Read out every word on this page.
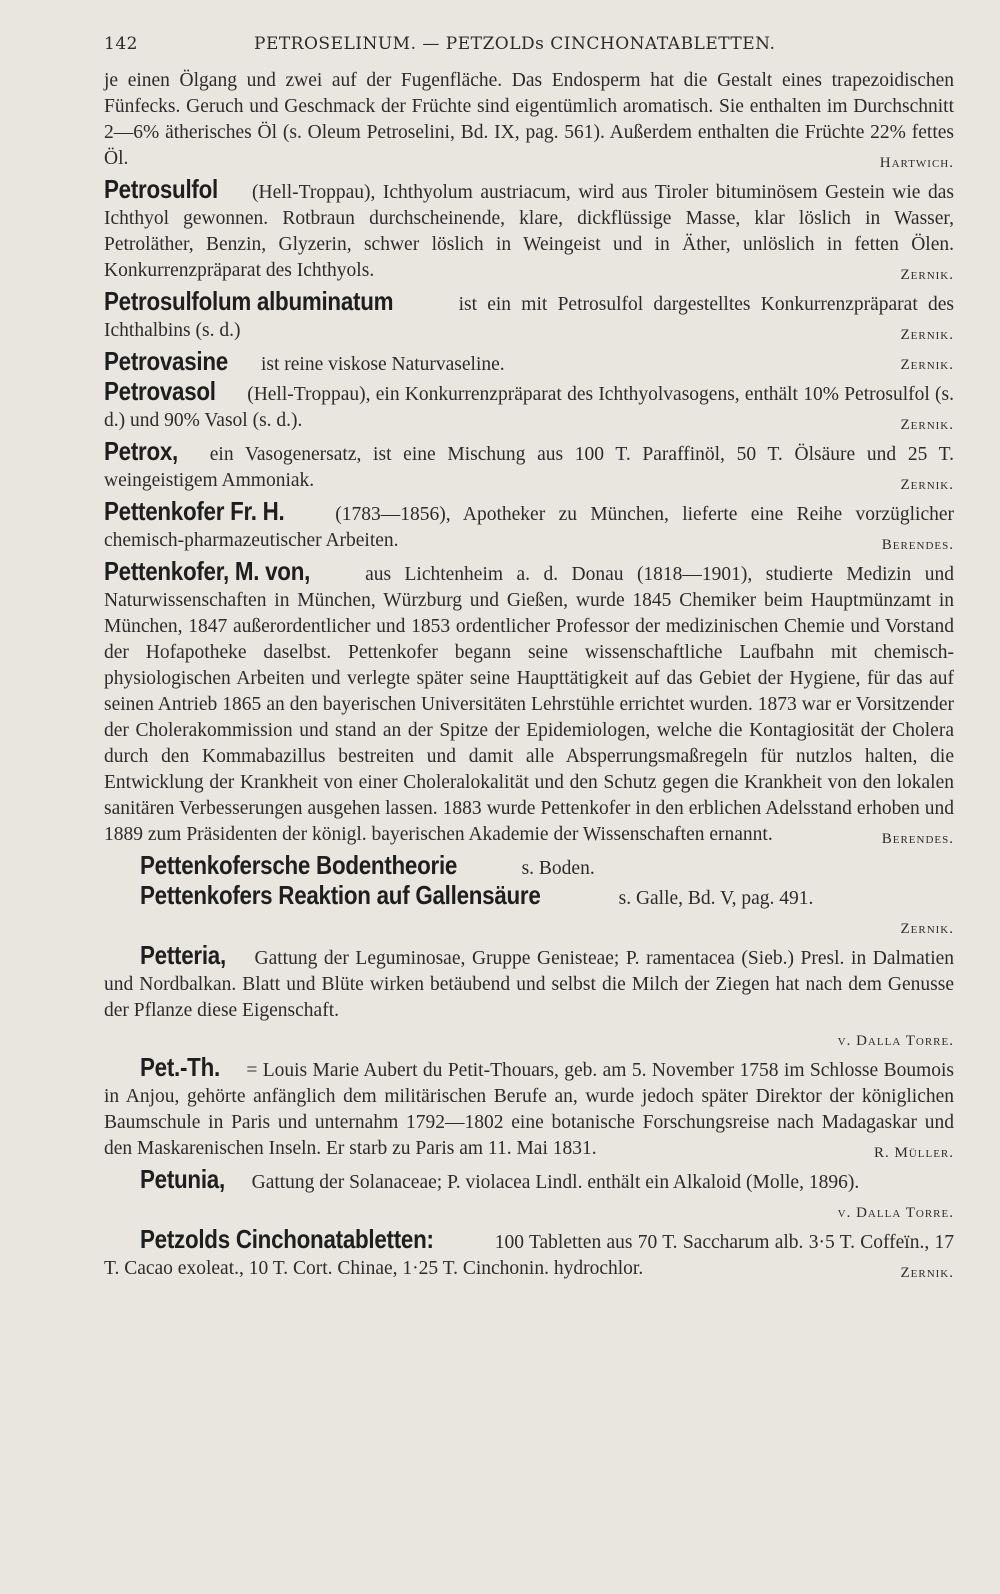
142	PETROSELINUM. — PETZOLDs CINCHONATABLETTEN.

je einen Ölgang und zwei auf der Fugenfläche. Das Endosperm hat die Gestalt eines trapezoidischen Fünfecks. Geruch und Geschmack der Früchte sind eigentümlich aromatisch. Sie enthalten im Durchschnitt 2—6% ätherisches Öl (s. Oleum Petroselini, Bd. IX, pag. 561). Außerdem enthalten die Früchte 22% fettes Öl.	Hartwich.

Petrosulfol (Hell-Troppau), Ichthyolum austriacum, wird aus Tiroler bituminösem Gestein wie das Ichthyol gewonnen. Rotbraun durchscheinende, klare, dickflüssige Masse, klar löslich in Wasser, Petroläther, Benzin, Glyzerin, schwer löslich in Weingeist und in Äther, unlöslich in fetten Ölen. Konkurrenzpräparat des Ichthyols.	Zernik.

Petrosulfolum albuminatum	ist ein mit Petrosulfol dargestelltes Konkurrenzpräparat des Ichthalbins (s. d.)	Zernik.

Petrovasine ist reine viskose Naturvaseline.	Zernik.

Petrovasol (Hell-Troppau), ein Konkurrenzpräparat des Ichthyolvasogens, enthält 10% Petrosulfol (s. d.) und 90% Vasol (s. d.).	Zernik.

Petrox, ein Vasogenersatz, ist eine Mischung aus 100 T. Paraffinöl, 50 T. Ölsäure und 25 T. weingeistigem Ammoniak.	Zernik.

Pettenkofer Fr. H.	(1783—1856), Apotheker zu München, lieferte eine Reihe vorzüglicher chemisch-pharmazeutischer Arbeiten.	Berendes.

Pettenkofer, M. von,	aus Lichtenheim a. d. Donau (1818—1901), studierte Medizin und Naturwissenschaften in München, Würzburg und Gießen, wurde 1845 Chemiker beim Hauptmünzamt in München, 1847 außerordentlicher und 1853 ordentlicher Professor der medizinischen Chemie und Vorstand der Hofapotheke daselbst. Pettenkofer begann seine wissenschaftliche Laufbahn mit chemisch-physiologischen Arbeiten und verlegte später seine Haupttätigkeit auf das Gebiet der Hygiene, für das auf seinen Antrieb 1865 an den bayerischen Universitäten Lehrstühle errichtet wurden. 1873 war er Vorsitzender der Cholerakommission und stand an der Spitze der Epidemiologen, welche die Kontagiosität der Cholera durch den Kommabazillus bestreiten und damit alle Absperrungsmaßregeln für nutzlos halten, die Entwicklung der Krankheit von einer Choleralokalität und den Schutz gegen die Krankheit von den lokalen sanitären Verbesserungen ausgehen lassen. 1883 wurde Pettenkofer in den erblichen Adelsstand erhoben und 1889 zum Präsidenten der königl. bayerischen Akademie der Wissenschaften ernannt.	Berendes.

Pettenkofersche Bodentheorie	s. Boden.

Pettenkofers Reaktion auf Gallensäure	s. Galle, Bd. V, pag. 491.
Zernik.

Petteria, Gattung der Leguminosae, Gruppe Genisteae; P. ramentacea (Sieb.) Presl. in Dalmatien und Nordbalkan. Blatt und Blüte wirken betäubend und selbst die Milch der Ziegen hat nach dem Genusse der Pflanze diese Eigenschaft.
v. Dalla Torre.

Pet.-Th. = Louis Marie Aubert du Petit-Thouars, geb. am 5. November 1758 im Schlosse Boumois in Anjou, gehörte anfänglich dem militärischen Berufe an, wurde jedoch später Direktor der königlichen Baumschule in Paris und unternahm 1792—1802 eine botanische Forschungsreise nach Madagaskar und den Maskarenischen Inseln. Er starb zu Paris am 11. Mai 1831.	R. Müller.

Petunia, Gattung der Solanaceae; P. violacea Lindl. enthält ein Alkaloid (Molle, 1896).
v. Dalla Torre.

Petzolds Cinchonatabletten:	100 Tabletten aus 70 T. Saccharum alb. 3·5 T. Coffeïn., 17 T. Cacao exoleat., 10 T. Cort. Chinae, 1·25 T. Cinchonin. hydrochlor.	Zernik.
